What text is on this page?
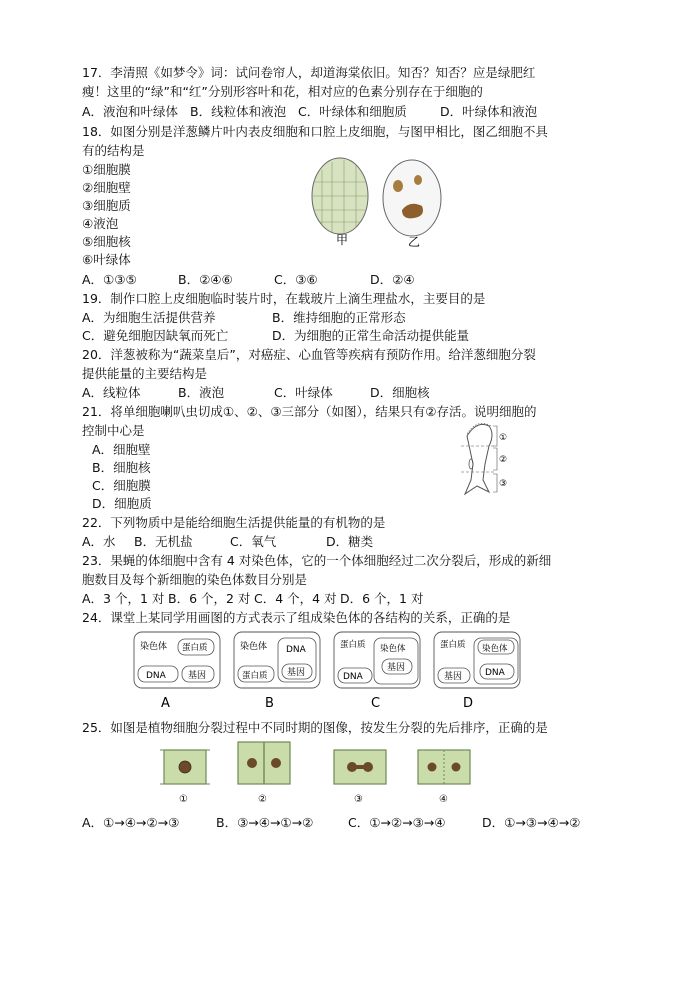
17．李清照《如梦令》词：试问卷帘人，却道海棠依旧。知否？知否？应是绿肥红
瘦！这里的“绿”和“红”分别形容叶和花，相对应的色素分别存在于细胞的
A．液泡和叶绿体 B．线粒体和液泡 C．叶绿体和细胞质	D．叶绿体和液泡
18．如图分别是洋葱鳞片叶内表皮细胞和口腔上皮细胞，与图甲相比，图乙细胞不具
有的结构是
①细胞膜
②细胞壁
③细胞质
④液泡
⑤细胞核
⑥叶绿体
甲	乙
A．①③⑤	B．②④⑥	C．③⑥	D．②④
19．制作口腔上皮细胞临时装片时，在载玻片上滴生理盐水，主要目的是
A．为细胞生活提供营养	B．维持细胞的正常形态
C．避免细胞因缺氧而死亡	D．为细胞的正常生命活动提供能量
20．洋葱被称为“蔬菜皇后”，对癌症、心血管等疾病有预防作用。给洋葱细胞分裂
提供能量的主要结构是
A．线粒体	B．液泡	C．叶绿体	D．细胞核
21．将单细胞喇叭虫切成①、②、③三部分（如图），结果只有②存活。说明细胞的
控制中心是
A．细胞壁
B．细胞核
C．细胞膜
D．细胞质
①
②
③
22．下列物质中是能给细胞生活提供能量的有机物的是
A．水	B．无机盐	C．氧气	D．糖类
23．果蝇的体细胞中含有 4 对染色体，它的一个体细胞经过二次分裂后，形成的新细
胞数目及每个新细胞的染色体数目分别是
A．3 个，1 对 B．6 个，2 对 C．4 个，4 对 D．6 个，1 对
24．课堂上某同学用画图的方式表示了组成染色体的各结构的关系，正确的是
染色体 蛋白质
DNA 基因
A
染色体 DNA
蛋白质 基因
B
蛋白质 染色体
DNA
基因
C
蛋白质 染色体
基因	DNA
D
25．如图是植物细胞分裂过程中不同时期的图像，按发生分裂的先后排序，正确的是
①	②	③	④
A．①→④→②→③	B．③→④→①→②	C．①→②→③→④	D．①→③→④→②
